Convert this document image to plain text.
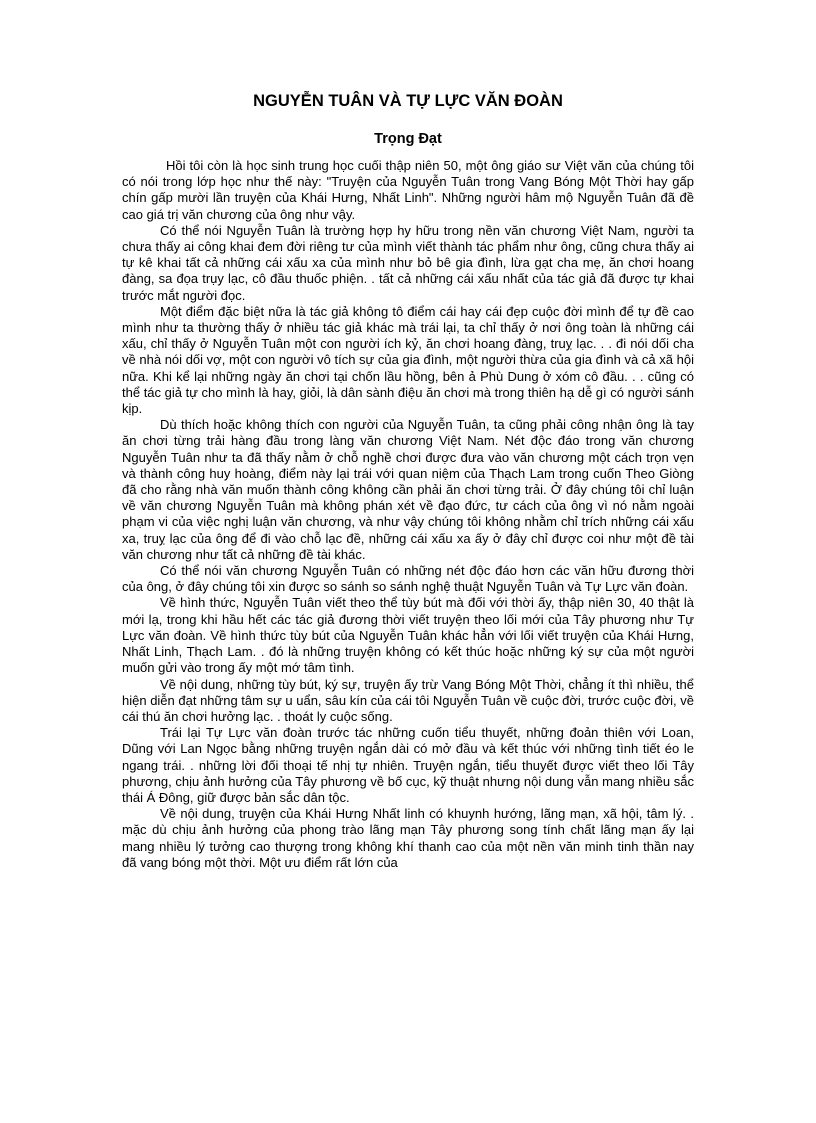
NGUYỄN TUÂN VÀ TỰ LỰC VĂN ĐOÀN
Trọng Đạt

Hồi tôi còn là học sinh trung học cuối thập niên 50, một ông giáo sư Việt văn của chúng tôi có nói trong lớp học như thế này: "Truyện của Nguyễn Tuân trong Vang Bóng Một Thời hay gấp chín gấp mười lần truyện của Khái Hưng, Nhất Linh". Những người hâm mộ Nguyễn Tuân đã đề cao giá trị văn chương của ông như vậy.

Có thể nói Nguyễn Tuân là trường hợp hy hữu trong nền văn chương Việt Nam, người ta chưa thấy ai công khai đem đời riêng tư của mình viết thành tác phẩm như ông, cũng chưa thấy ai tự kê khai tất cả những cái xấu xa của mình như bỏ bê gia đình, lừa gạt cha mẹ, ăn chơi hoang đàng, sa đọa trụy lạc, cô đầu thuốc phiện. . tất cả những cái xấu nhất của tác giả đã được tự khai trước mắt người đọc.

Một điểm đặc biệt nữa là tác giả không tô điểm cái hay cái đẹp cuộc đời mình để tự đề cao mình như ta thường thấy ở nhiều tác giả khác mà trái lại, ta chỉ thấy ở nơi ông toàn là những cái xấu, chỉ thấy ở Nguyễn Tuân một con người ích kỷ, ăn chơi hoang đàng, truỵ lạc. . . đi nói dối cha về nhà nói dối vợ, một con người vô tích sự của gia đình, một người thừa của gia đình và cả xã hội nữa. Khi kể lại những ngày ăn chơi tại chốn lầu hồng, bên ả Phù Dung ở xóm cô đầu. . . cũng có thể tác giả tự cho mình là hay, giỏi, là dân sành điệu ăn chơi mà trong thiên hạ dễ gì có người sánh kịp.

Dù thích hoặc không thích con người của Nguyễn Tuân, ta cũng phải công nhận ông là tay ăn chơi từng trải hàng đầu trong làng văn chương Việt Nam. Nét độc đáo trong văn chương Nguyễn Tuân như ta đã thấy nằm ở chỗ nghề chơi được đưa vào văn chương một cách trọn vẹn và thành công huy hoàng, điểm này lại trái với quan niệm của Thạch Lam trong cuốn Theo Giòng đã cho rằng nhà văn muốn thành công không cần phải ăn chơi từng trải. Ở đây chúng tôi chỉ luận về văn chương Nguyễn Tuân mà không phán xét về đạo đức, tư cách của ông vì nó nằm ngoài phạm vi của việc nghị luận văn chương, và như vậy chúng tôi không nhằm chỉ trích những cái xấu xa, truỵ lạc của ông để đi vào chỗ lạc đề, những cái xấu xa ấy ở đây chỉ được coi như một đề tài văn chương như tất cả những đề tài khác.

Có thể nói văn chương Nguyễn Tuân có những nét độc đáo hơn các văn hữu đương thời của ông, ở đây chúng tôi xin được so sánh so sánh nghệ thuật Nguyễn Tuân và Tự Lực văn đoàn.

Về hình thức, Nguyễn Tuân viết theo thể tùy bút mà đối với thời ấy, thập niên 30, 40 thật là mới lạ, trong khi hầu hết các tác giả đương thời viết truyện theo lối mới của Tây phương như Tự Lực văn đoàn. Về hình thức tùy bút của Nguyễn Tuân khác hẳn với lối viết truyện của Khái Hưng, Nhất Linh, Thạch Lam. . đó là những truyện không có kết thúc hoặc những ký sự của một người muốn gửi vào trong ấy một mớ tâm tình.

Về nội dung, những tùy bút, ký sự, truyện ấy trừ Vang Bóng Một Thời, chẳng ít thì nhiều, thể hiện diễn đạt những tâm sự u uẩn, sâu kín của cái tôi Nguyễn Tuân về cuộc đời, trước cuộc đời, về cái thú ăn chơi hưởng lạc. . thoát ly cuộc sống.

Trái lại Tự Lực văn đoàn trước tác những cuốn tiểu thuyết, những đoản thiên với Loan, Dũng với Lan Ngọc bằng những truyện ngắn dài có mở đầu và kết thúc với những tình tiết éo le ngang trái. . những lời đối thoại tế nhị tự nhiên. Truyện ngắn, tiểu thuyết được viết theo lối Tây phương, chịu ảnh hưởng của Tây phương về bố cục, kỹ thuật nhưng nội dung vẫn mang nhiều sắc thái Á Đông, giữ được bản sắc dân tộc.

Về nội dung, truyện của Khái Hưng Nhất linh có khuynh hướng, lãng mạn, xã hội, tâm lý. . mặc dù chịu ảnh hưởng của phong trào lãng mạn Tây phương song tính chất lãng mạn ấy lại mang nhiều lý tưởng cao thượng trong không khí thanh cao của một nền văn minh tinh thần nay đã vang bóng một thời. Một ưu điểm rất lớn của
